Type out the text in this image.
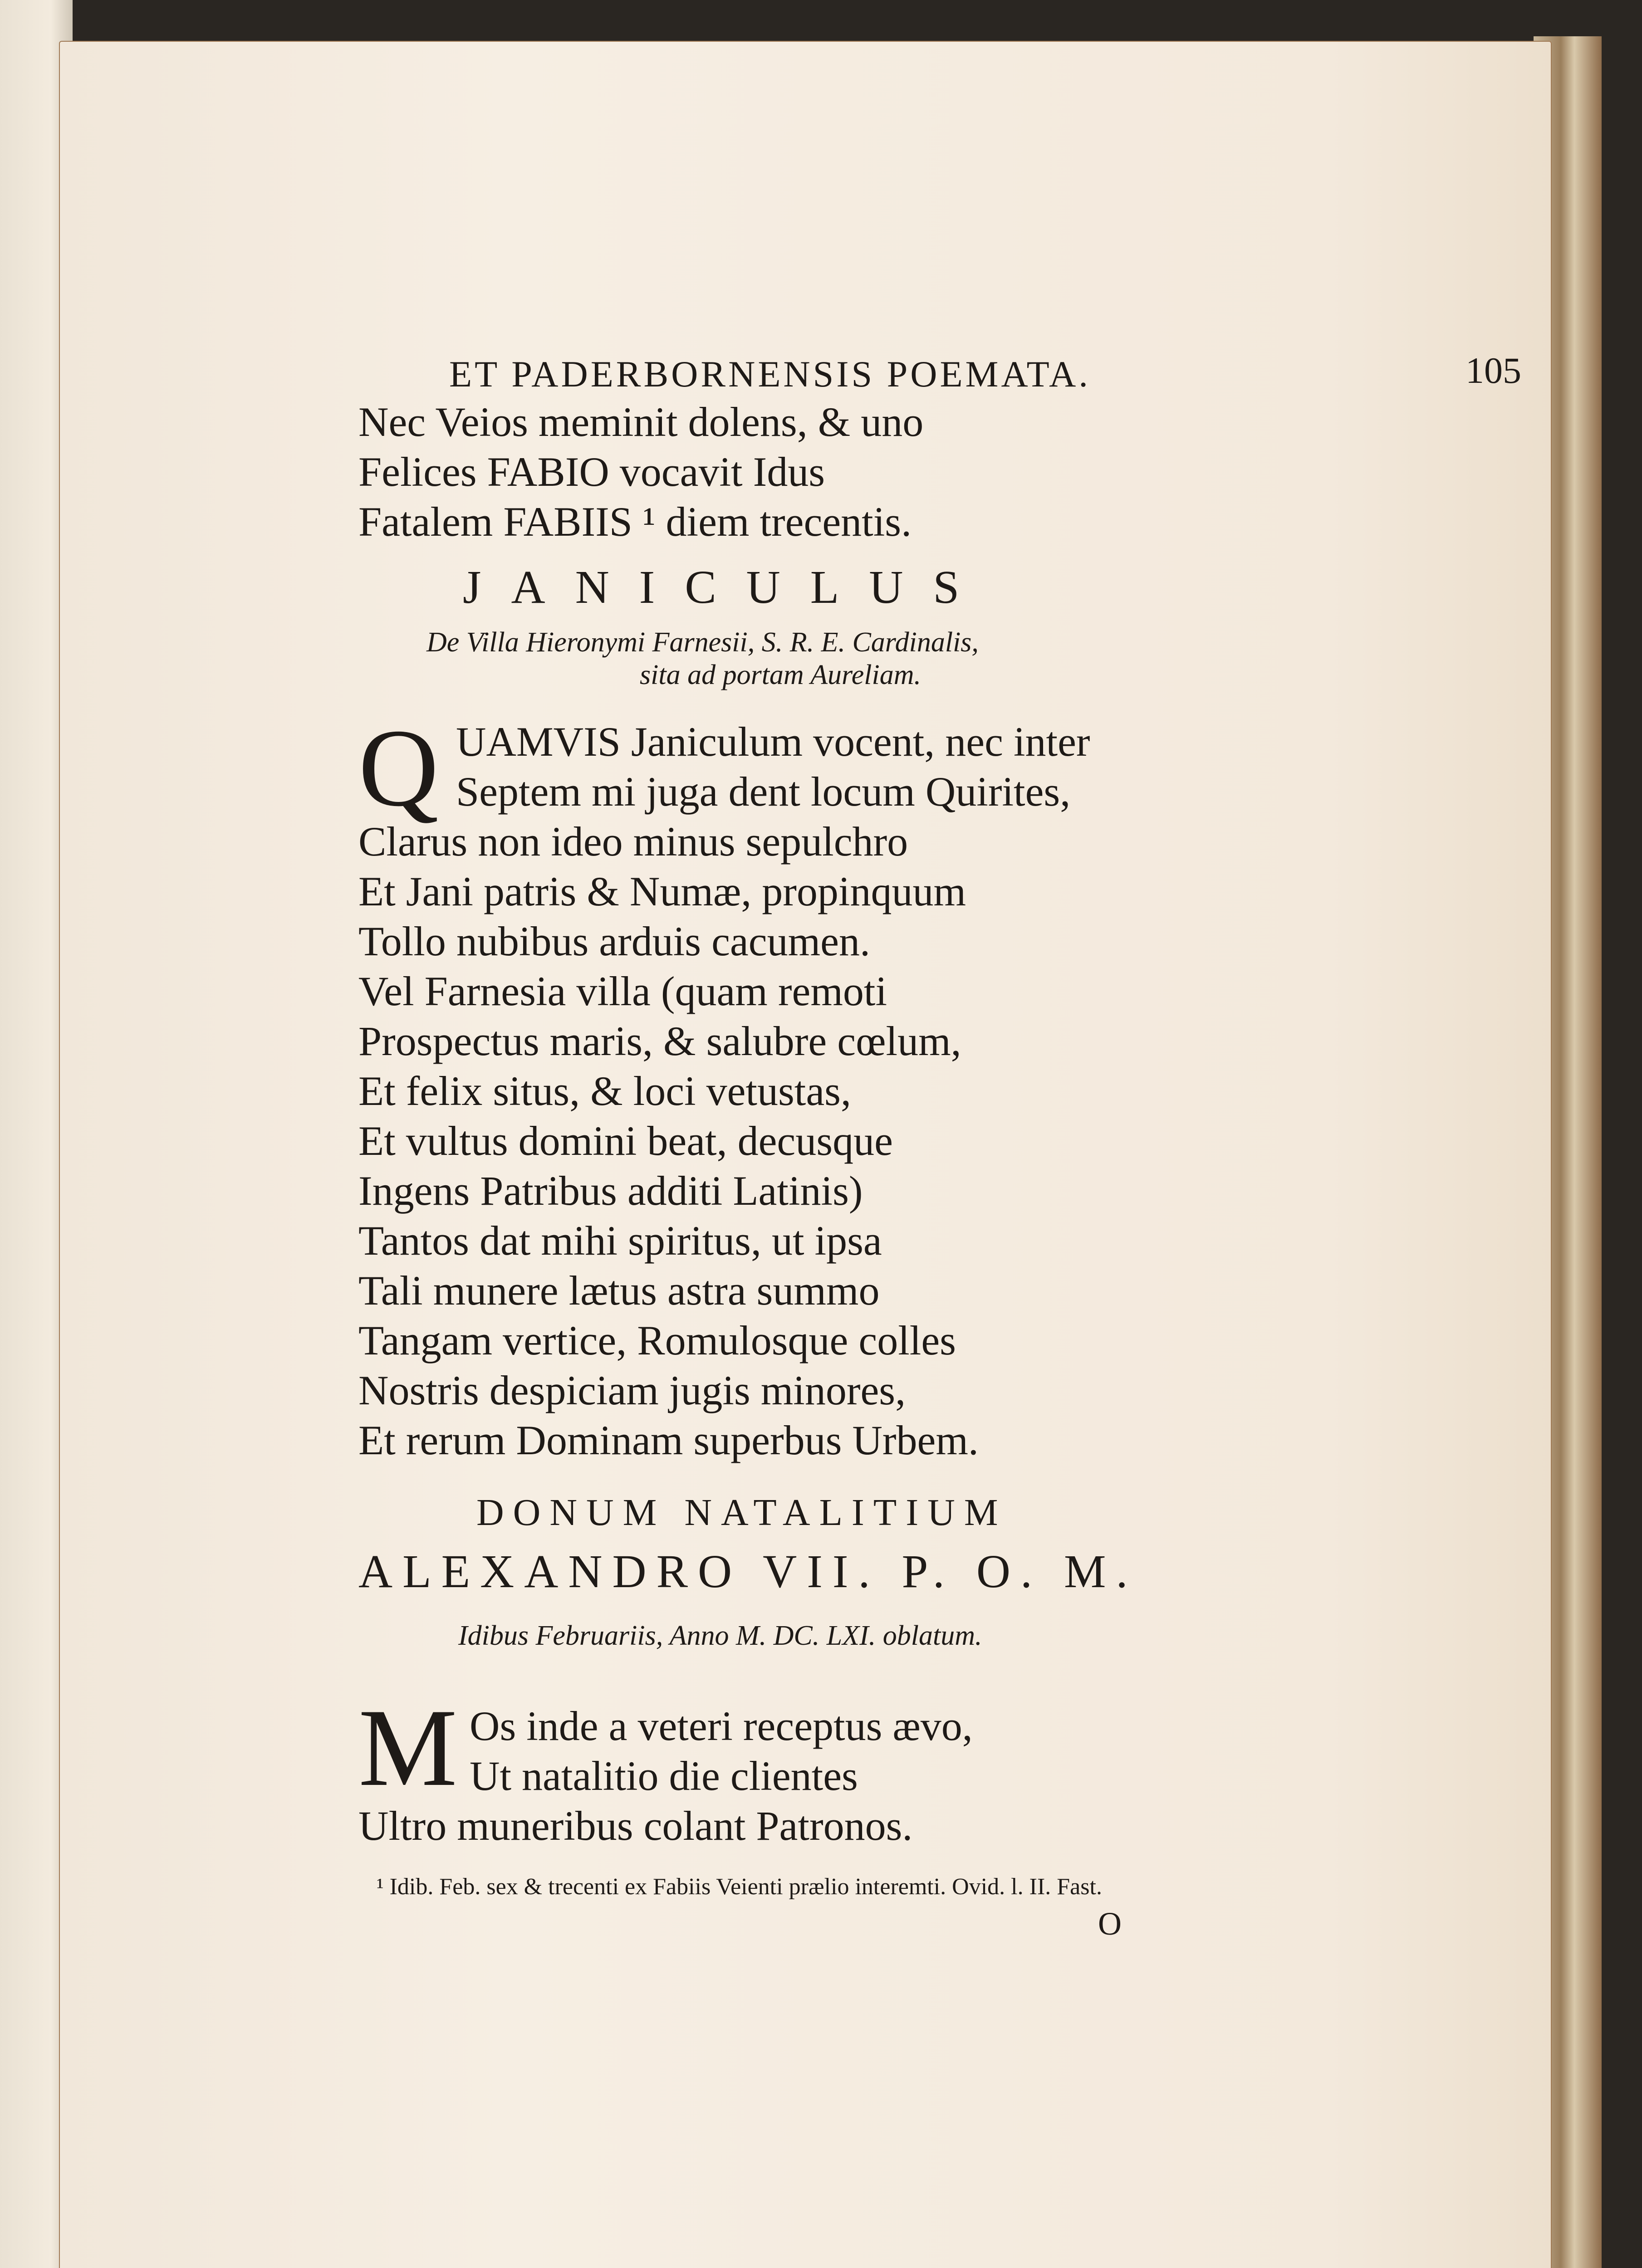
ET PADERBORNENSIS POEMATA.	105
Nec Veios meminit dolens, & uno
Felices FABIO vocavit Idus
Fatalem FABIIS ¹ diem trecentis.
JANICULUS
De Villa Hieronymi Farnesii, S. R. E. Cardinalis,
sita ad portam Aureliam.
Q UAMVIS Janiculum vocent, nec inter
Septem mi juga dent locum Quirites,
Clarus non ideo minus sepulchro
Et Jani patris & Numæ, propinquum
Tollo nubibus arduis cacumen.
Vel Farnesia villa (quam remoti
Prospectus maris, & salubre cœlum,
Et felix situs, & loci vetustas,
Et vultus domini beat, decusque
Ingens Patribus additi Latinis)
Tantos dat mihi spiritus, ut ipsa
Tali munere lætus astra summo
Tangam vertice, Romulosque colles
Nostris despiciam jugis minores,
Et rerum Dominam superbus Urbem.
DONUM NATALITIUM
ALEXANDRO VII. P. O. M.
Idibus Februariis, Anno M. DC. LXI. oblatum.
M Os inde a veteri receptus ævo,
Ut natalitio die clientes
Ultro muneribus colant Patronos.
¹ Idib. Feb. sex & trecenti ex Fabiis Veienti prælio interemti. Ovid. l. II. Fast.
O
